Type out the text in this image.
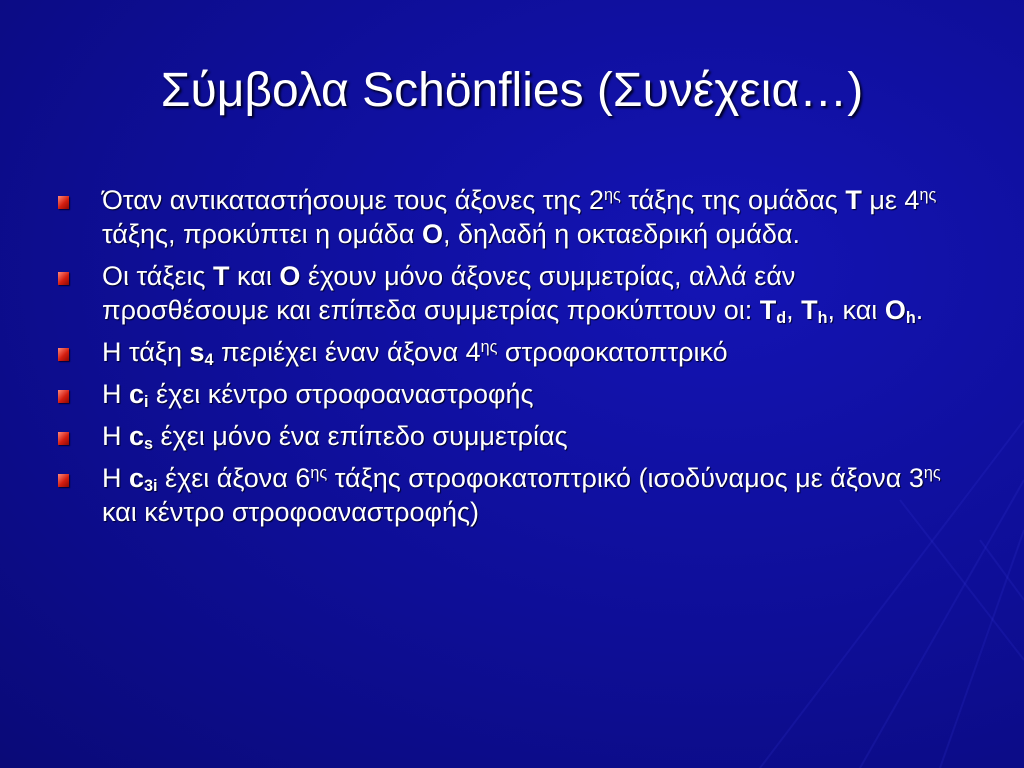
Σύμβολα Schönflies (Συνέχεια…)
Όταν αντικαταστήσουμε τους άξονες της $2^{\eta\varsigma}$ τάξης της ομάδας Τ με $4^{\eta\varsigma}$ τάξης, προκύπτει η ομάδα Ο, δηλαδή η οκταεδρική ομάδα.
Οι τάξεις Τ και Ο έχουν μόνο άξονες συμμετρίας, αλλά εάν προσθέσουμε και επίπεδα συμμετρίας προκύπτουν οι: $T_d$, $T_h$, και $O_h$.
Η τάξη $s_4$ περιέχει έναν άξονα $4^{\eta\varsigma}$ στροφοκατοπτρικό
Η $c_i$ έχει κέντρο στροφοαναστροφής
Η $c_s$ έχει μόνο ένα επίπεδο συμμετρίας
Η $c_{3i}$ έχει άξονα $6^{\eta\varsigma}$ τάξης στροφοκατοπτρικό (ισοδύναμος με άξονα $3^{\eta\varsigma}$ και κέντρο στροφοαναστροφής)
